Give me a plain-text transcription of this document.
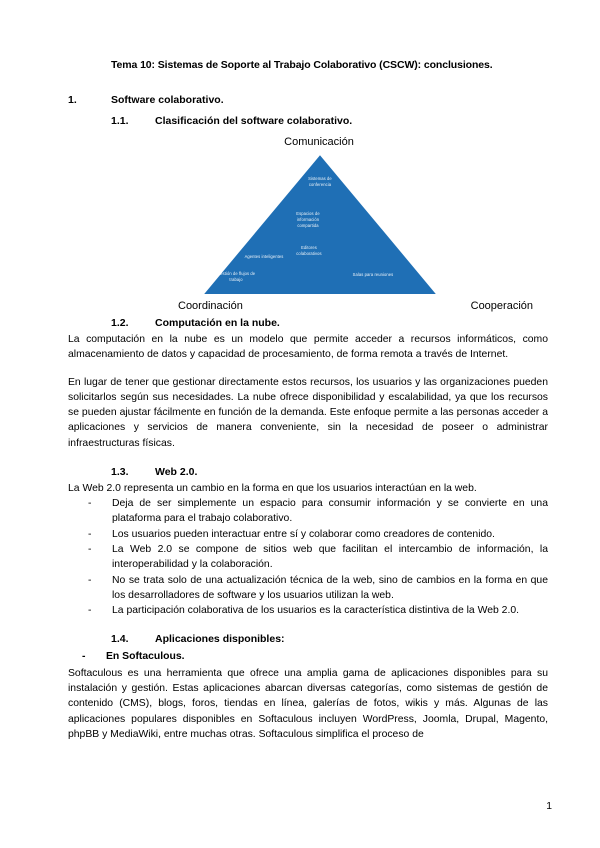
Tema 10: Sistemas de Soporte al Trabajo Colaborativo (CSCW): conclusiones.
1.	Software colaborativo.
1.1.	Clasificación del software colaborativo.
Comunicación
Sistemas de conferencia
Sistemas de mensajería
Espacios de información compartida
Editores colaborativos
Agentes inteligentes
Gestión de flujos de trabajo
Salas para reuniones
Coordinación	Cooperación
1.2.	Computación en la nube.

La computación en la nube es un modelo que permite acceder a recursos informáticos, como almacenamiento de datos y capacidad de procesamiento, de forma remota a través de Internet.

En lugar de tener que gestionar directamente estos recursos, los usuarios y las organizaciones pueden solicitarlos según sus necesidades. La nube ofrece disponibilidad y escalabilidad, ya que los recursos se pueden ajustar fácilmente en función de la demanda. Este enfoque permite a las personas acceder a aplicaciones y servicios de manera conveniente, sin la necesidad de poseer o administrar infraestructuras físicas.

1.3.	Web 2.0.

La Web 2.0 representa un cambio en la forma en que los usuarios interactúan en la web.

-	Deja de ser simplemente un espacio para consumir información y se convierte en una plataforma para el trabajo colaborativo.
-	Los usuarios pueden interactuar entre sí y colaborar como creadores de contenido.
-	La Web 2.0 se compone de sitios web que facilitan el intercambio de información, la interoperabilidad y la colaboración.
-	No se trata solo de una actualización técnica de la web, sino de cambios en la forma en que los desarrolladores de software y los usuarios utilizan la web.
-	La participación colaborativa de los usuarios es la característica distintiva de la Web 2.0.
1.4.	Aplicaciones disponibles:
-	En Softaculous.

Softaculous es una herramienta que ofrece una amplia gama de aplicaciones disponibles para su instalación y gestión. Estas aplicaciones abarcan diversas categorías, como sistemas de gestión de contenido (CMS), blogs, foros, tiendas en línea, galerías de fotos, wikis y más. Algunas de las aplicaciones populares disponibles en Softaculous incluyen WordPress, Joomla, Drupal, Magento, phpBB y MediaWiki, entre muchas otras. Softaculous simplifica el proceso de

1
